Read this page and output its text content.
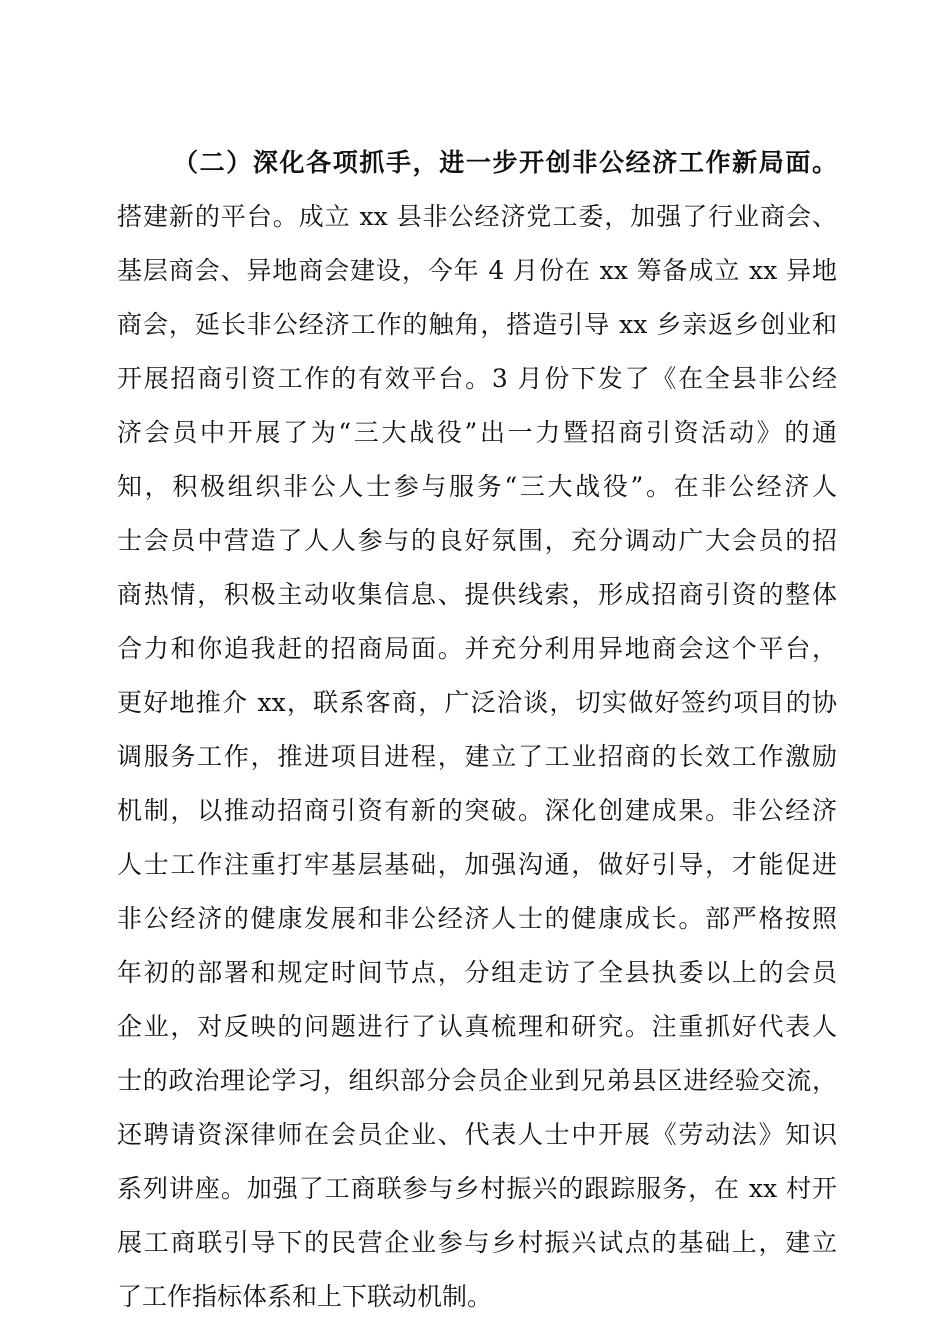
（二）深化各项抓手，进一步开创非公经济工作新局面。
搭建新的平台。成立 xx 县非公经济党工委，加强了行业商会、
基层商会、异地商会建设，今年 4 月份在 xx 筹备成立 xx 异地
商会，延长非公经济工作的触角，搭造引导 xx 乡亲返乡创业和
开展招商引资工作的有效平台。3 月份下发了《在全县非公经
济会员中开展了为“三大战役”出一力暨招商引资活动》的通
知，积极组织非公人士参与服务“三大战役”。在非公经济人
士会员中营造了人人参与的良好氛围，充分调动广大会员的招
商热情，积极主动收集信息、提供线索，形成招商引资的整体
合力和你追我赶的招商局面。并充分利用异地商会这个平台，
更好地推介 xx，联系客商，广泛洽谈，切实做好签约项目的协
调服务工作，推进项目进程，建立了工业招商的长效工作激励
机制，以推动招商引资有新的突破。深化创建成果。非公经济
人士工作注重打牢基层基础，加强沟通，做好引导，才能促进
非公经济的健康发展和非公经济人士的健康成长。部严格按照
年初的部署和规定时间节点，分组走访了全县执委以上的会员
企业，对反映的问题进行了认真梳理和研究。注重抓好代表人
士的政治理论学习，组织部分会员企业到兄弟县区进经验交流，
还聘请资深律师在会员企业、代表人士中开展《劳动法》知识
系列讲座。加强了工商联参与乡村振兴的跟踪服务，在 xx 村开
展工商联引导下的民营企业参与乡村振兴试点的基础上，建立
了工作指标体系和上下联动机制。
